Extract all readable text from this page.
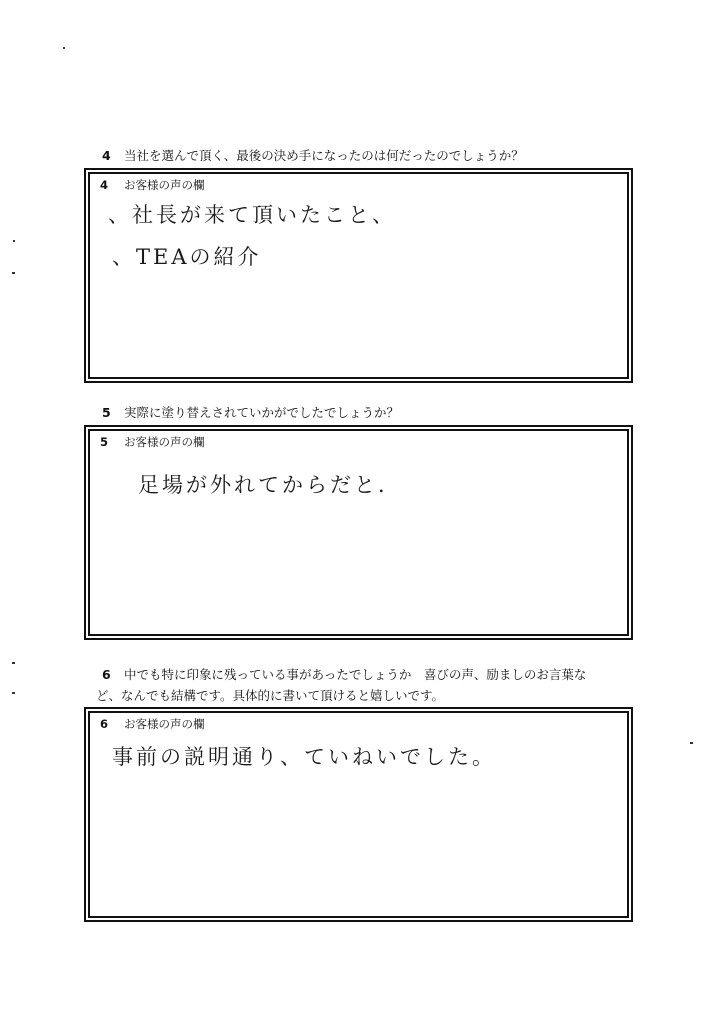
4 当社を選んで頂く、最後の決め手になったのは何だったのでしょうか？
4 お客様の声の欄
、社長が来て頂いたこと、
、TEAの紹介
5 実際に塗り替えされていかがでしたでしょうか？
5 お客様の声の欄
足場が外れてからだと．
6 中でも特に印象に残っている事があったでしょうか　喜びの声、励ましのお言葉な
ど、なんでも結構です。具体的に書いて頂けると嬉しいです。
6 お客様の声の欄
事前の説明通り、ていねいでした。
